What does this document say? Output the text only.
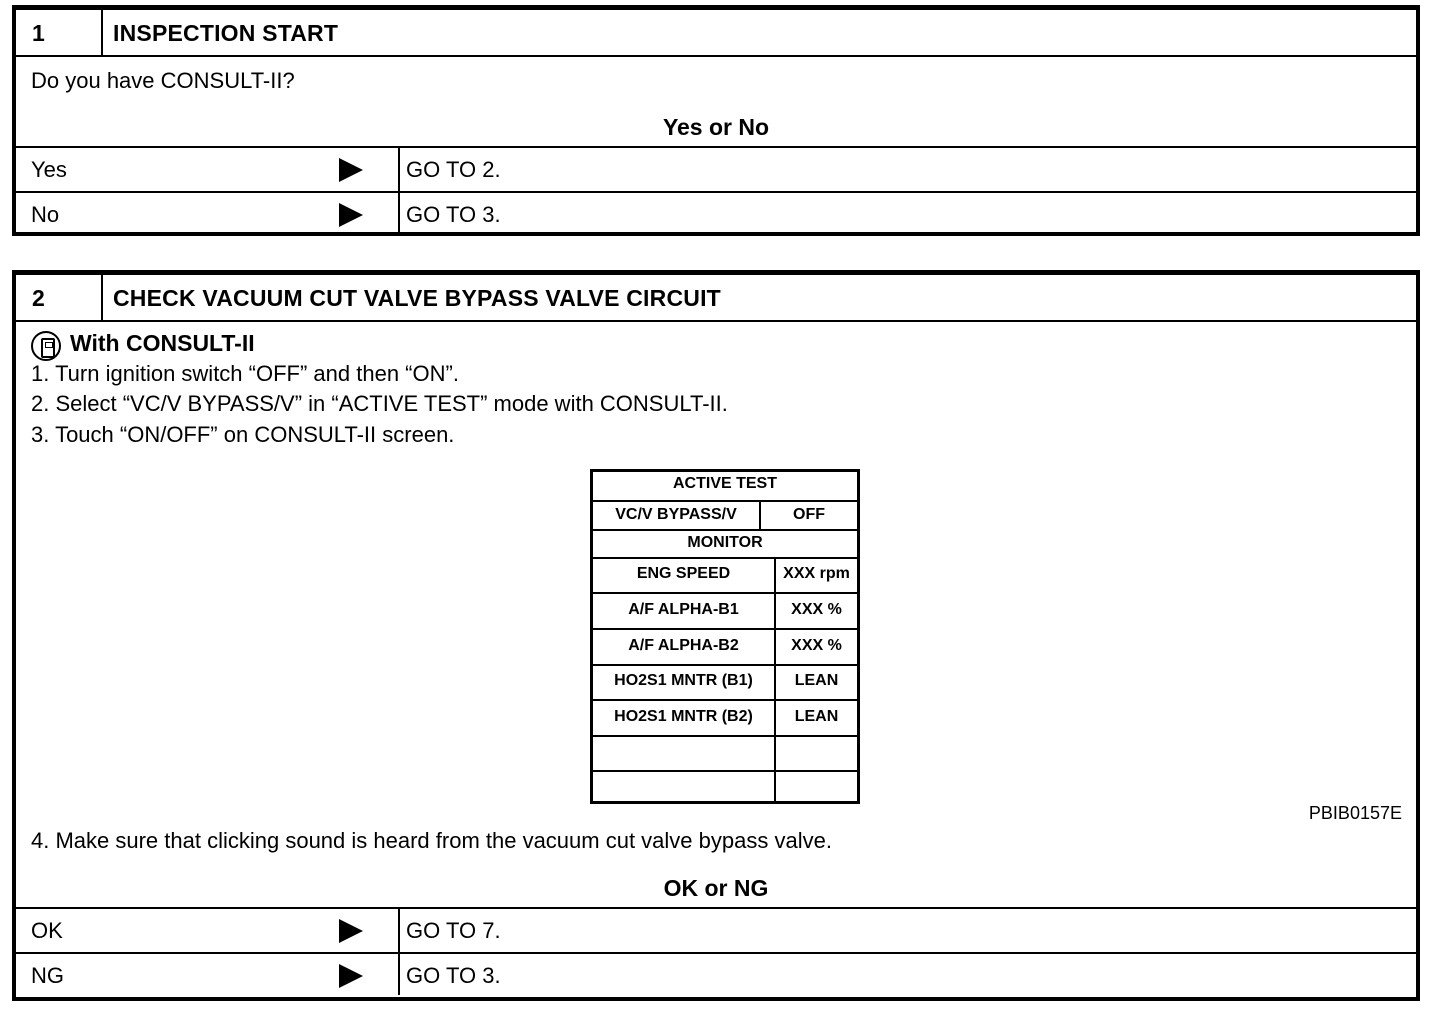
1	INSPECTION START
Do you have CONSULT-II?
Yes or No
Yes	GO TO 2.
No	GO TO 3.
2	CHECK VACUUM CUT VALVE BYPASS VALVE CIRCUIT
With CONSULT-II
1. Turn ignition switch “OFF” and then “ON”.
2. Select “VC/V BYPASS/V” in “ACTIVE TEST” mode with CONSULT-II.
3. Touch “ON/OFF” on CONSULT-II screen.
ACTIVE TEST
VC/V BYPASS/V	OFF
MONITOR
ENG SPEED	XXX rpm
A/F ALPHA-B1	XXX %
A/F ALPHA-B2	XXX %
HO2S1 MNTR (B1)	LEAN
HO2S1 MNTR (B2)	LEAN
PBIB0157E
4. Make sure that clicking sound is heard from the vacuum cut valve bypass valve.
OK or NG
OK	GO TO 7.
NG	GO TO 3.
